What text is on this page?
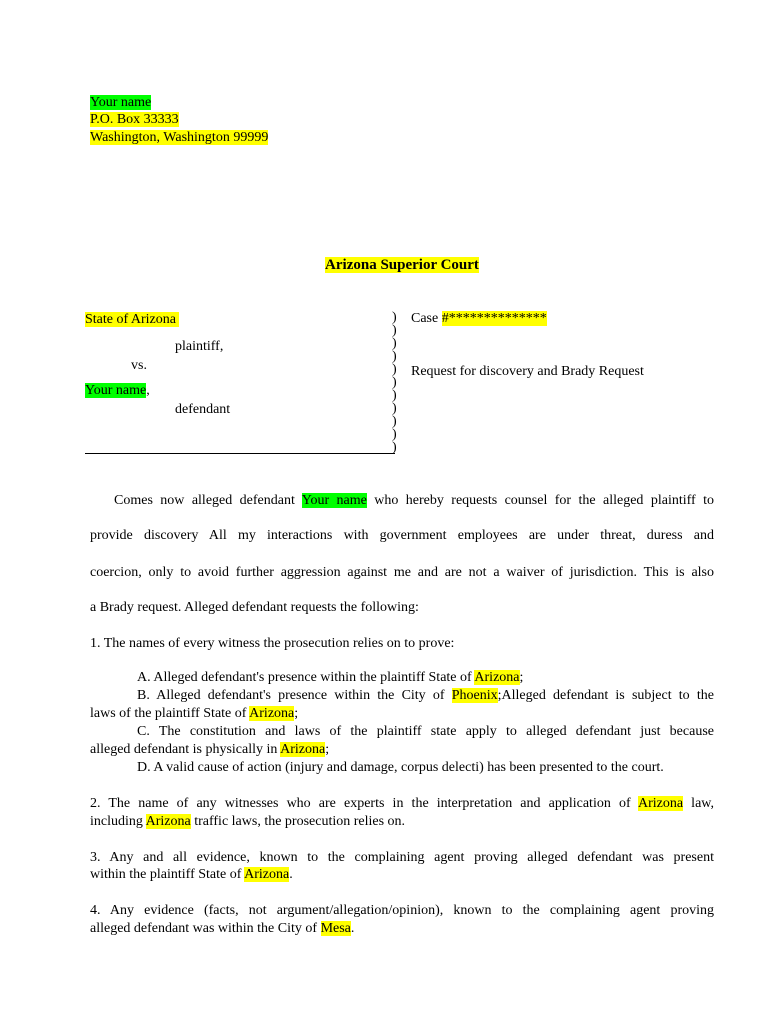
Your name
P.O. Box 33333
Washington, Washington 99999
Arizona Superior Court
State of Arizona
plaintiff,
vs.
Your name,
defendant
)
)
)
)
)
)
)
)
)
)
)
Case #**************
Request for discovery and Brady Request
Comes now alleged defendant Your name who hereby requests counsel for the alleged plaintiff to
provide discovery All my interactions with government employees are under threat, duress and
coercion, only to avoid further aggression against me and are not a waiver of jurisdiction. This is also
a Brady request. Alleged defendant requests the following:
1. The names of every witness the prosecution relies on to prove:
A. Alleged defendant's presence within the plaintiff State of Arizona;
B. Alleged defendant's presence within the City of Phoenix;Alleged defendant is subject to the
laws of the plaintiff State of Arizona;
C. The constitution and laws of the plaintiff state apply to alleged defendant just because
alleged defendant is physically in Arizona;
D. A valid cause of action (injury and damage, corpus delecti) has been presented to the court.
2. The name of any witnesses who are experts in the interpretation and application of Arizona law,
including Arizona traffic laws, the prosecution relies on.
3. Any and all evidence, known to the complaining agent proving alleged defendant was present
within the plaintiff State of Arizona.
4. Any evidence (facts, not argument/allegation/opinion), known to the complaining agent proving
alleged defendant was within the City of Mesa.
